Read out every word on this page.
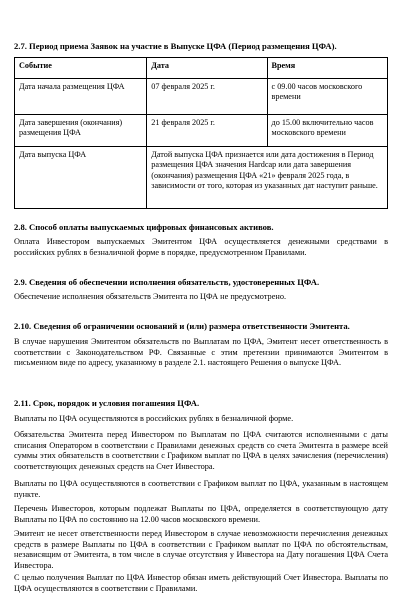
2.7. Период приема Заявок на участие в Выпуске ЦФА (Период размещения ЦФА).
Событие	Дата	Время
Дата начала размещения ЦФА	07 февраля 2025 г.	с 09.00 часов московского времени
Дата завершения (окончания) размещения ЦФА	21 февраля 2025 г.	до 15.00 включительно часов московского времени
Дата выпуска ЦФА	Датой выпуска ЦФА признается или дата достижения в Период размещения ЦФА значения Hardcap или дата завершения (окончания) размещения ЦФА «21» февраля 2025 года, в зависимости от того, которая из указанных дат наступит раньше.	
2.8. Способ оплаты выпускаемых цифровых финансовых активов.
Оплата Инвестором выпускаемых Эмитентом ЦФА осуществляется денежными средствами в российских рублях в безналичной форме в порядке, предусмотренном Правилами.
2.9. Сведения об обеспечении исполнения обязательств, удостоверенных ЦФА.
Обеспечение исполнения обязательств Эмитента по ЦФА не предусмотрено.
2.10. Сведения об ограничении оснований и (или) размера ответственности Эмитента.
В случае нарушения Эмитентом обязательств по Выплатам по ЦФА, Эмитент несет ответственность в соответствии с Законодательством РФ. Связанные с этим претензии принимаются Эмитентом в письменном виде по адресу, указанному в разделе 2.1. настоящего Решения о выпуске ЦФА.
2.11. Срок, порядок и условия погашения ЦФА.
Выплаты по ЦФА осуществляются в российских рублях в безналичной форме.
Обязательства Эмитента перед Инвестором по Выплатам по ЦФА считаются исполненными с даты списания Оператором в соответствии с Правилами денежных средств со счета Эмитента в размере всей суммы этих обязательств в соответствии с Графиком выплат по ЦФА в целях зачисления (перечисления) соответствующих денежных средств на Счет Инвестора.
Выплаты по ЦФА осуществляются в соответствии с Графиком выплат по ЦФА, указанным в настоящем пункте.
Перечень Инвесторов, которым подлежат Выплаты по ЦФА, определяется в соответствующую дату Выплаты по ЦФА по состоянию на 12.00 часов московского времени.
Эмитент не несет ответственности перед Инвестором в случае невозможности перечисления денежных средств в размере Выплаты по ЦФА в соответствии с Графиком выплат по ЦФА по обстоятельствам, независящим от Эмитента, в том числе в случае отсутствия у Инвестора на Дату погашения ЦФА Счета Инвестора.
С целью получения Выплат по ЦФА Инвестор обязан иметь действующий Счет Инвестора. Выплаты по ЦФА осуществляются в соответствии с Правилами.
